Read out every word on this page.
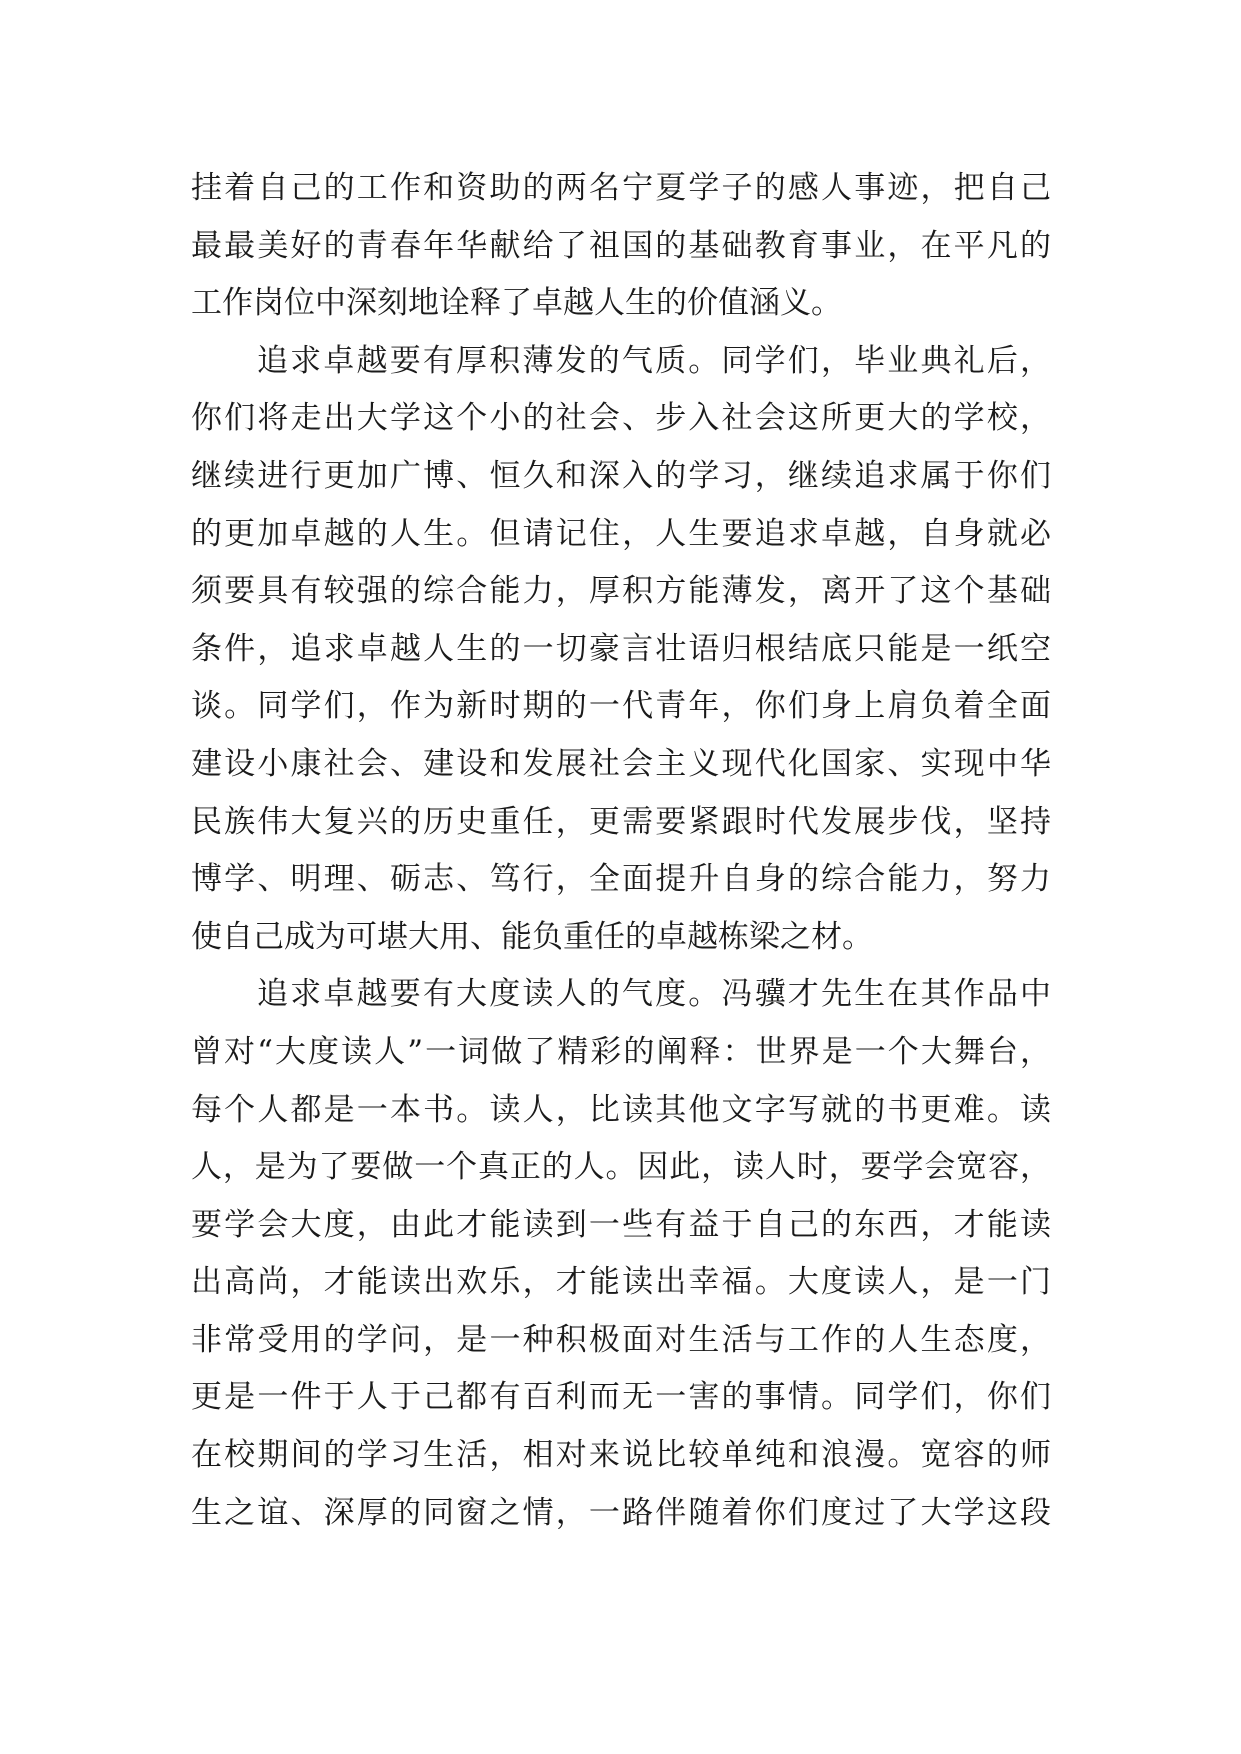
挂着自己的工作和资助的两名宁夏学子的感人事迹，把自己
最最美好的青春年华献给了祖国的基础教育事业，在平凡的
工作岗位中深刻地诠释了卓越人生的价值涵义。
追求卓越要有厚积薄发的气质。同学们，毕业典礼后，
你们将走出大学这个小的社会、步入社会这所更大的学校，
继续进行更加广博、恒久和深入的学习，继续追求属于你们
的更加卓越的人生。但请记住，人生要追求卓越，自身就必
须要具有较强的综合能力，厚积方能薄发，离开了这个基础
条件，追求卓越人生的一切豪言壮语归根结底只能是一纸空
谈。同学们，作为新时期的一代青年，你们身上肩负着全面
建设小康社会、建设和发展社会主义现代化国家、实现中华
民族伟大复兴的历史重任，更需要紧跟时代发展步伐，坚持
博学、明理、砺志、笃行，全面提升自身的综合能力，努力
使自己成为可堪大用、能负重任的卓越栋梁之材。
追求卓越要有大度读人的气度。冯骥才先生在其作品中
曾对“大度读人”一词做了精彩的阐释：世界是一个大舞台，
每个人都是一本书。读人，比读其他文字写就的书更难。读
人，是为了要做一个真正的人。因此，读人时，要学会宽容，
要学会大度，由此才能读到一些有益于自己的东西，才能读
出高尚，才能读出欢乐，才能读出幸福。大度读人，是一门
非常受用的学问，是一种积极面对生活与工作的人生态度，
更是一件于人于己都有百利而无一害的事情。同学们，你们
在校期间的学习生活，相对来说比较单纯和浪漫。宽容的师
生之谊、深厚的同窗之情，一路伴随着你们度过了大学这段
